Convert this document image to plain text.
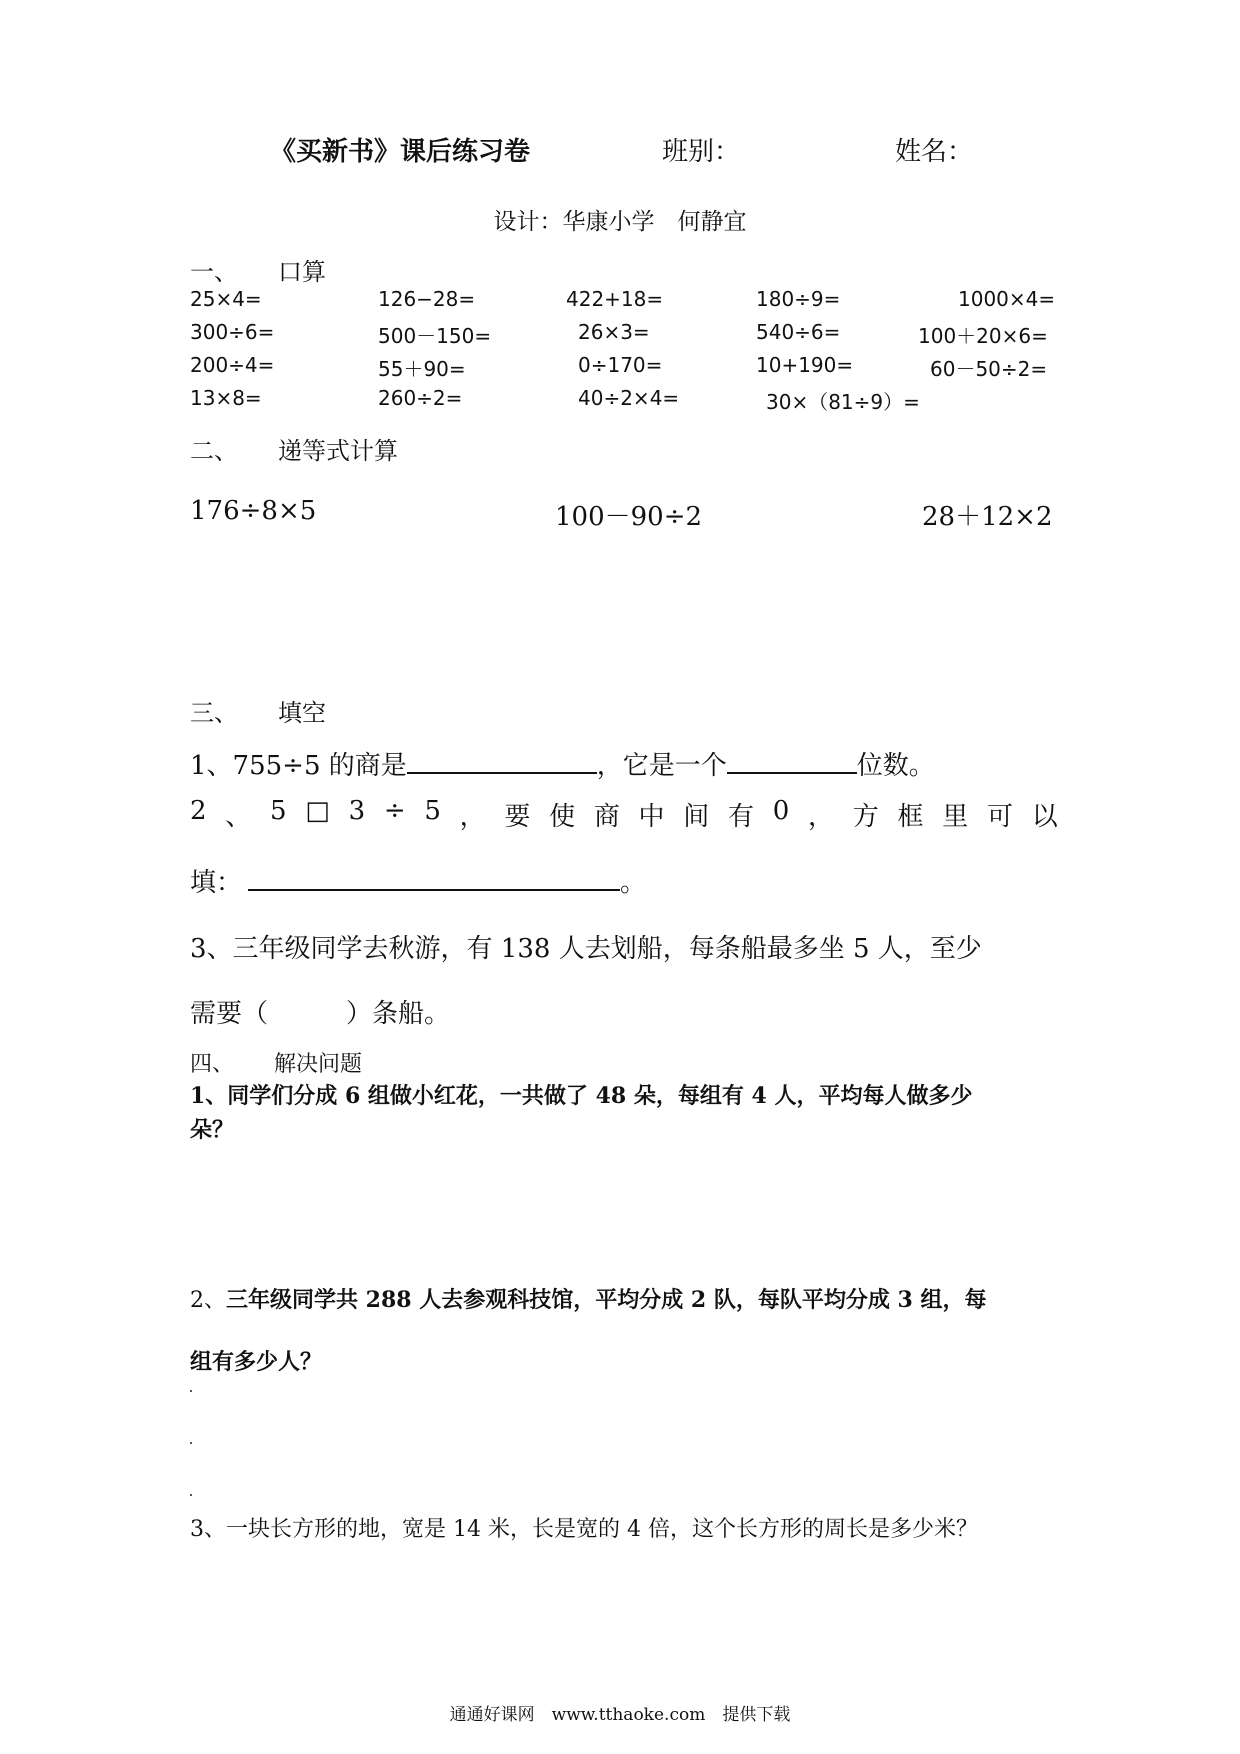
《买新书》课后练习卷	班别：	姓名：
设计：华康小学　何静宜
一、 口算
25×4=	126−28=	422+18=	180÷9=	1000×4=
300÷6=	500－150=	26×3=	540÷6=	100＋20×6=
200÷4=	55＋90=	0÷170=	10+190=	60－50÷2=
13×8=	260÷2=	40÷2×4=	30×（81÷9）=
二、 递等式计算
176÷8×5	100－90÷2	28＋12×2
三、 填空
1、755÷5 的商是	，它是一个	位数。
2 、 5 □ 3 ÷ 5 ， 要 使 商 中 间 有 0 ， 方 框 里 可 以
填：	。
3、三年级同学去秋游，有 138 人去划船，每条船最多坐 5 人，至少
需要（　　　）条船。
四、 解决问题
1、同学们分成 6 组做小红花，一共做了 48 朵，每组有 4 人，平均每人做多少
朵？
2、三年级同学共 288 人去参观科技馆，平均分成 2 队，每队平均分成 3 组，每
组有多少人？
3、一块长方形的地，宽是 14 米，长是宽的 4 倍，这个长方形的周长是多少米？
通通好课网　www.tthaoke.com　提供下载
